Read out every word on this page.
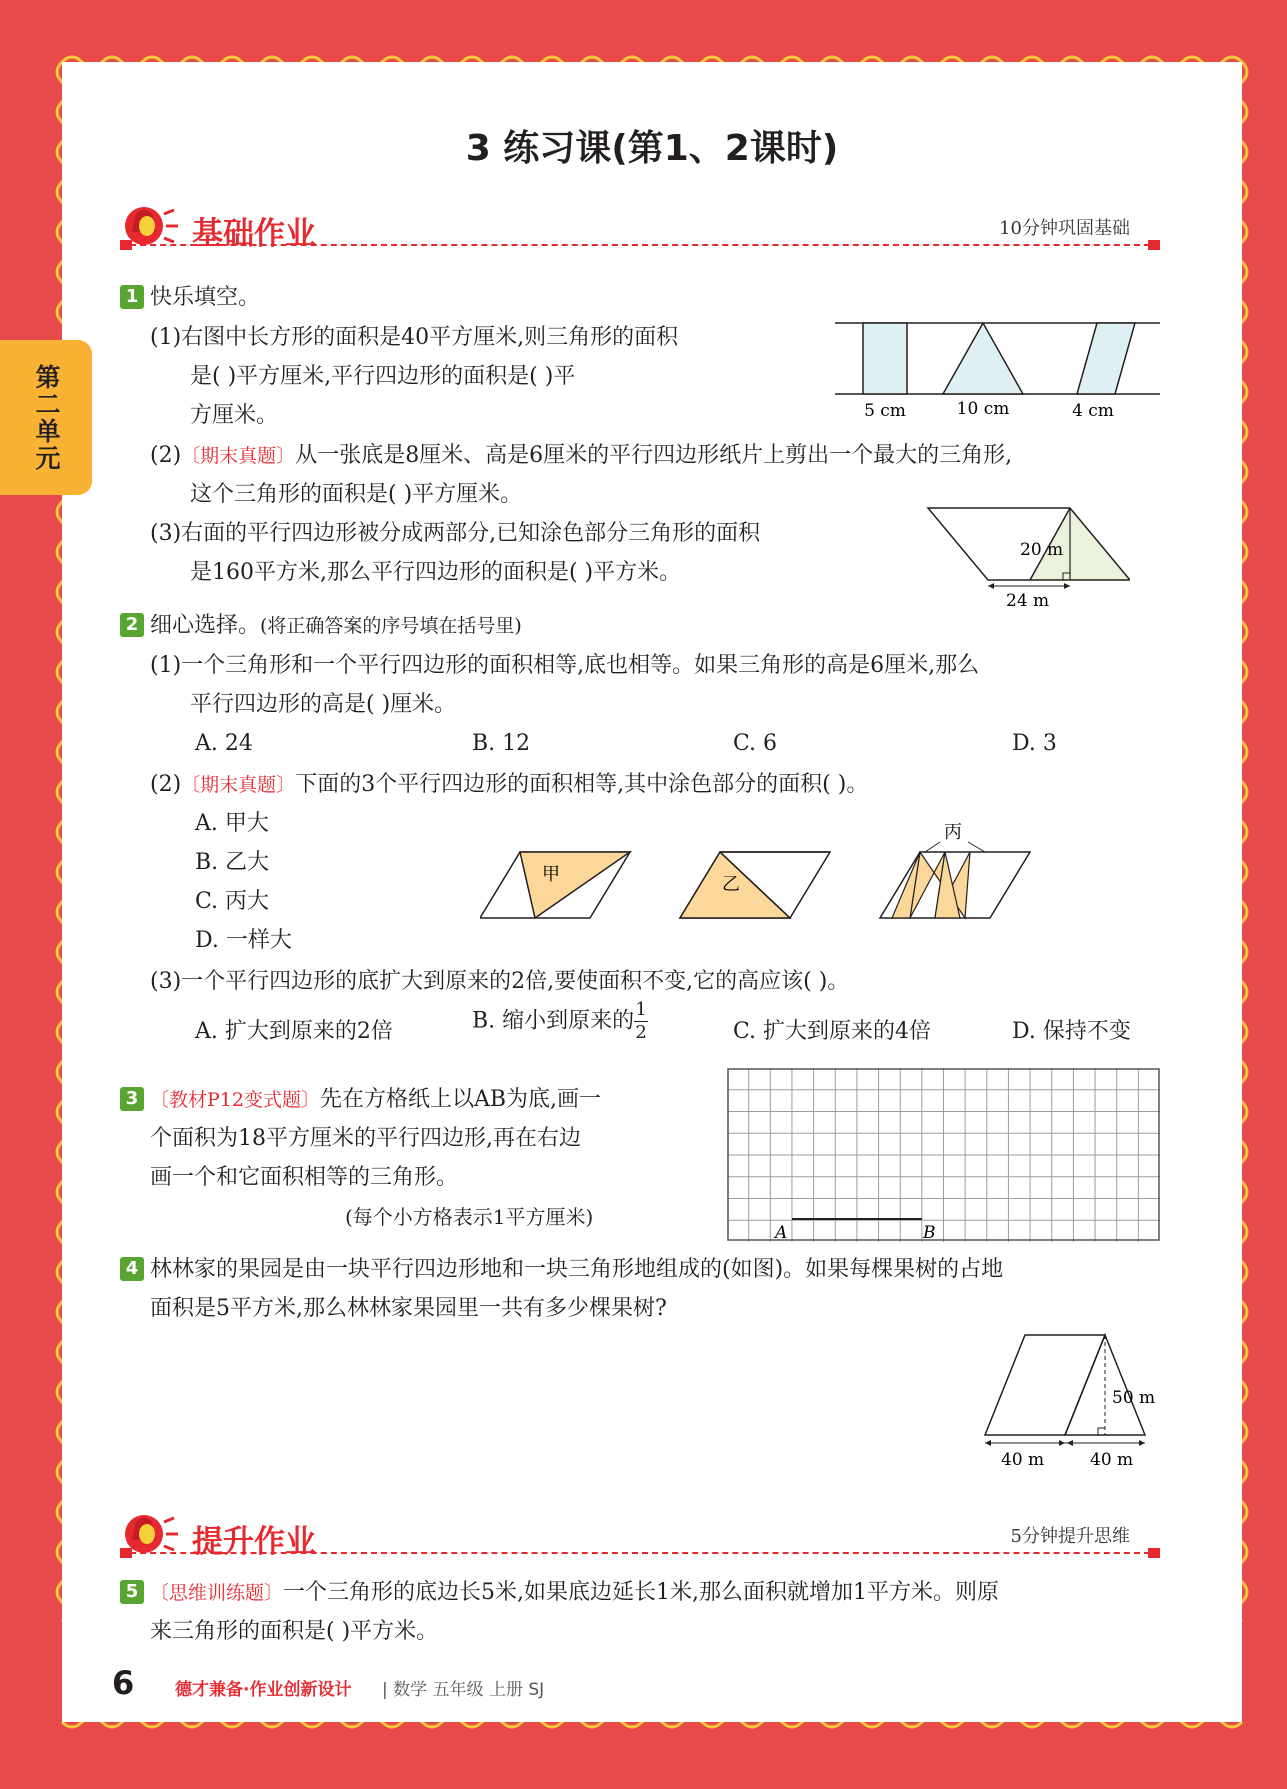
第二单元
3 练习课(第1、2课时)
基础作业	10分钟巩固基础
1 快乐填空。
(1)右图中长方形的面积是40平方厘米,则三角形的面积
是( )平方厘米,平行四边形的面积是( )平
方厘米。	5 cm	10 cm	4 cm
(2)〔期末真题〕从一张底是8厘米、高是6厘米的平行四边形纸片上剪出一个最大的三角形,
这个三角形的面积是( )平方厘米。
(3)右面的平行四边形被分成两部分,已知涂色部分三角形的面积
是160平方米,那么平行四边形的面积是( )平方米。
20 m
24 m
2 细心选择。(将正确答案的序号填在括号里)
(1)一个三角形和一个平行四边形的面积相等,底也相等。如果三角形的高是6厘米,那么
平行四边形的高是( )厘米。
A. 24	B. 12	C. 6	D. 3
(2)〔期末真题〕下面的3个平行四边形的面积相等,其中涂色部分的面积( )。
A. 甲大
B. 乙大
C. 丙大
D. 一样大
甲	乙
丙
(3)一个平行四边形的底扩大到原来的2倍,要使面积不变,它的高应该( )。
A. 扩大到原来的2倍	B. 缩小到原来的 $\frac{1}{2}$	C. 扩大到原来的4倍	D. 保持不变
3 〔教材P12变式题〕先在方格纸上以AB为底,画一
个面积为18平方厘米的平行四边形,再在右边
画一个和它面积相等的三角形。
(每个小方格表示1平方厘米)
A	B
4 林林家的果园是由一块平行四边形地和一块三角形地组成的(如图)。如果每棵果树的占地
面积是5平方米,那么林林家果园里一共有多少棵果树?
50 m
40 m	40 m
提升作业	5分钟提升思维
5 〔思维训练题〕一个三角形的底边长5米,如果底边延长1米,那么面积就增加1平方米。则原
来三角形的面积是( )平方米。
6 德才兼备·作业创新设计 | 数学 五年级 上册 SJ
